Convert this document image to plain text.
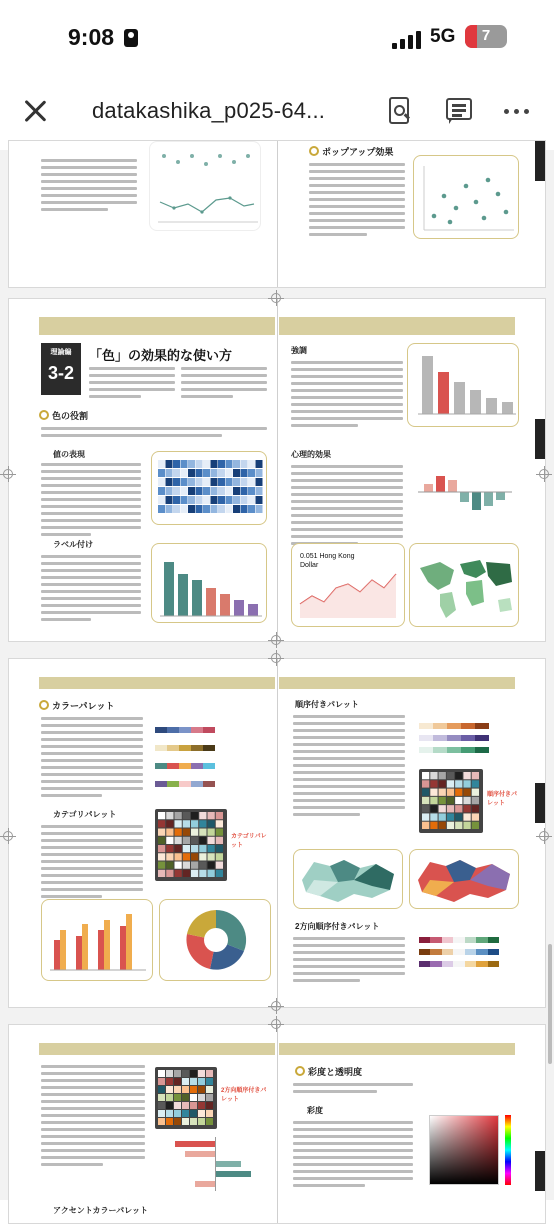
9:08	5G	7
datakashika_p025-64...
ポップアップ効果
理論編
3-2
「色」の効果的な使い方
色の役割
値の表現
ラベル付け
強調
心理的効果
0.051 Hong Kong Dollar
カラーパレット
カテゴリパレット
カテゴリパレット
順序付きパレット
順序付きパレット
2方向順序付きパレット
2方向順序付きパレット
アクセントカラーパレット
彩度と透明度
彩度
